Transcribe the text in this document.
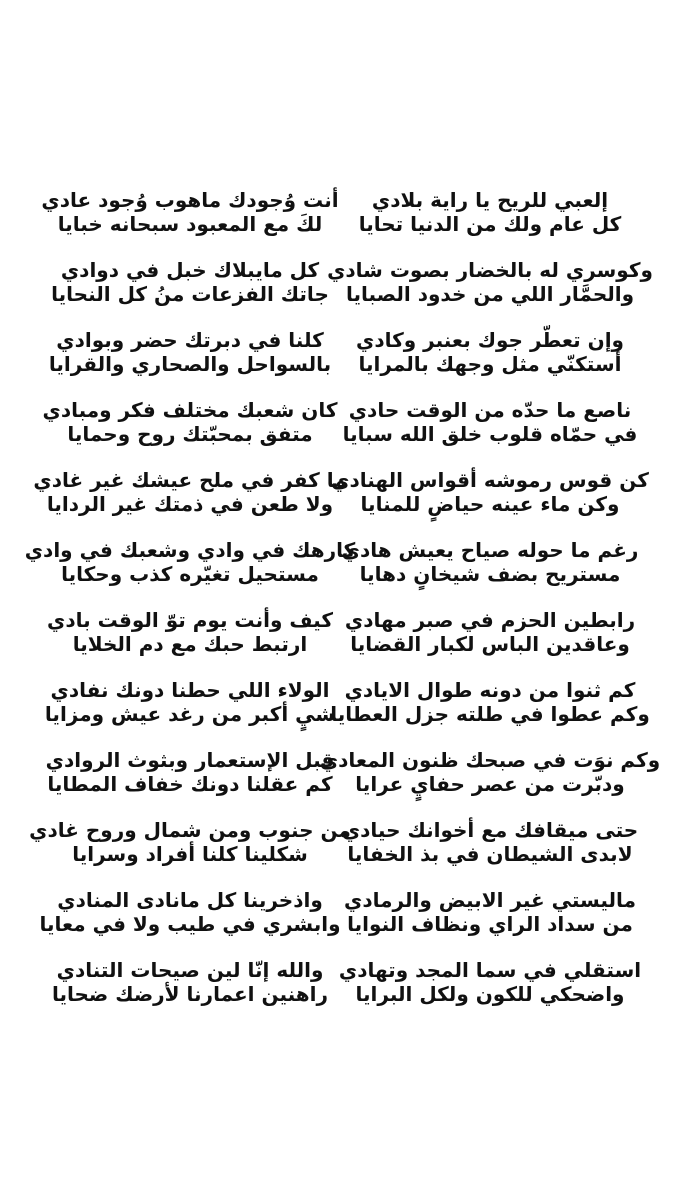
إلعبي للريح يا راية بلادي
كل عام ولك من الدنيا تحايا
أنت وُجودك ماهوب وُجود عادي
لكَ مع المعبود سبحانه خبايا
وكوسري له بالخضار بصوت شادي
والحمَّار اللي من خدود الصبايا
كل مايبلاك خبل في دوادي
جاتك الفزعات منُ كل النحايا
وإن تعطّر جوك بعنبر وكادي
أستكنّي مثل وجهك بالمرايا
كلنا في دبرتك حضر وبوادي
بالسواحل والصحاري والقرايا
ناصع ما حدّه من الوقت حادي
في حمّاه قلوب خلق الله سبايا
كان شعبك مختلف فكر ومبادي
متفق بمحبّتك روح وحمايا
كن قوس رموشه أقواس الهنادي
وكن ماء عينه حياضٍ للمنايا
ما كفر في ملح عيشك غير غادي
ولا طعن في ذمتك غير الردايا
رغم ما حوله صياح يعيش هادي
مستريح بضف شيخانٍ دهايا
كارهك في وادي وشعبك في وادي
مستحيل تغيّره كذب وحكايا
رابطين الحزم في صبر مهادي
وعاقدين الباس لكبار القضايا
كيف وأنت يوم توّ الوقت بادي
ارتبط حبك مع دم الخلايا
كم ثنوا من دونه طوال الايادي
وكم عطوا في طلته جزل العطايا
الولاء اللي حطنا دونك نفادي
شيٍ أكبر من رغد عيش ومزايا
وكم نوَت في صبحك ظنون المعادي
ودبّرت من عصر حفايٍ عرايا
قبل الإستعمار وبثوث الروادي
كم عقلنا دونك خفاف المطايا
حتى ميقافك مع أخوانك حيادي
لابدى الشيطان في بذ الخفايا
من جنوب ومن شمال وروح غادي
شكلينا كلنا أفراد وسرايا
ماليستي غير الابيض والرمادي
من سداد الراي ونظاف النوايا
واذخرينا كل مانادى المنادي
وابشري في طيب ولا في معايا
استقلي في سما المجد وتهادي
واضحكي للكون ولكل البرايا
والله إنّا لين صيحات التنادي
راهنين اعمارنا لأرضك ضحايا
